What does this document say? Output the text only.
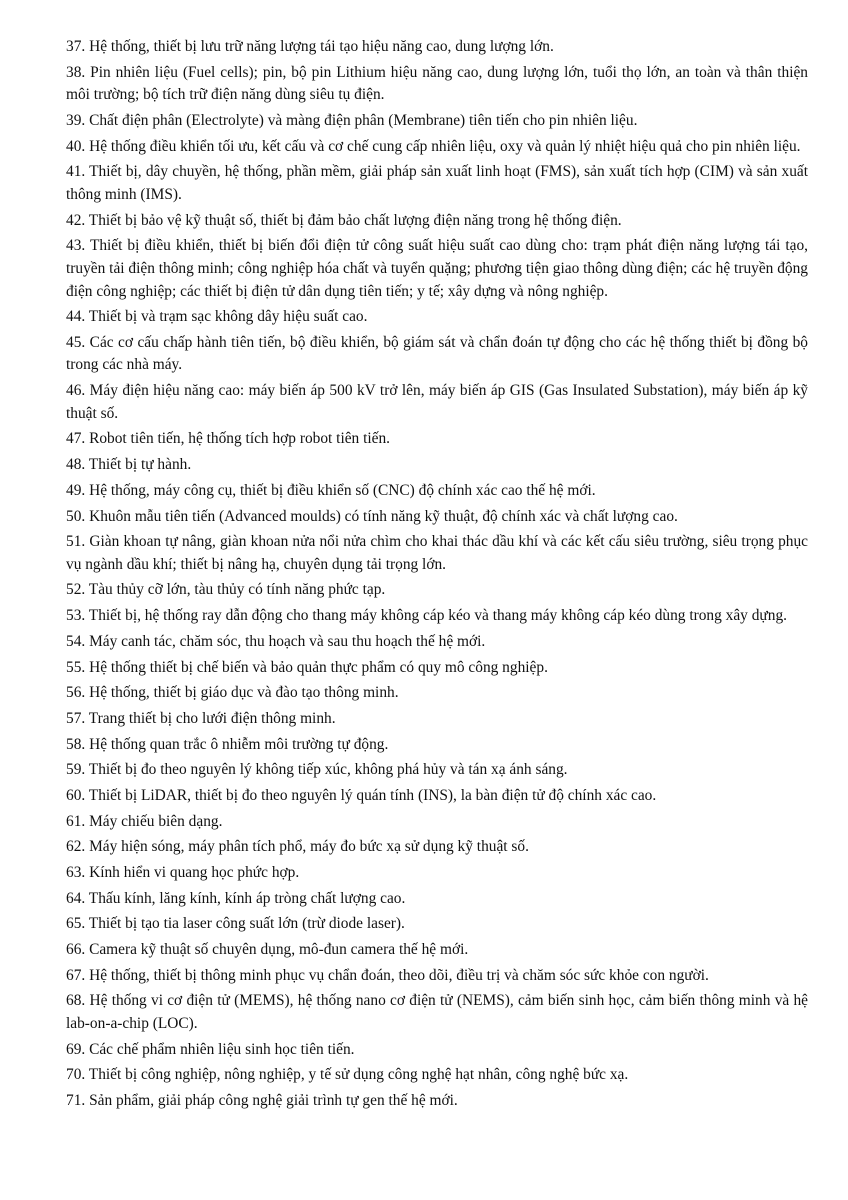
37. Hệ thống, thiết bị lưu trữ năng lượng tái tạo hiệu năng cao, dung lượng lớn.

38. Pin nhiên liệu (Fuel cells); pin, bộ pin Lithium hiệu năng cao, dung lượng lớn, tuổi thọ lớn, an toàn và thân thiện môi trường; bộ tích trữ điện năng dùng siêu tụ điện.

39. Chất điện phân (Electrolyte) và màng điện phân (Membrane) tiên tiến cho pin nhiên liệu.

40. Hệ thống điều khiển tối ưu, kết cấu và cơ chế cung cấp nhiên liệu, oxy và quản lý nhiệt hiệu quả cho pin nhiên liệu.

41. Thiết bị, dây chuyền, hệ thống, phần mềm, giải pháp sản xuất linh hoạt (FMS), sản xuất tích hợp (CIM) và sản xuất thông minh (IMS).

42. Thiết bị bảo vệ kỹ thuật số, thiết bị đảm bảo chất lượng điện năng trong hệ thống điện.

43. Thiết bị điều khiển, thiết bị biến đổi điện tử công suất hiệu suất cao dùng cho: trạm phát điện năng lượng tái tạo, truyền tải điện thông minh; công nghiệp hóa chất và tuyển quặng; phương tiện giao thông dùng điện; các hệ truyền động điện công nghiệp; các thiết bị điện tử dân dụng tiên tiến; y tế; xây dựng và nông nghiệp.

44. Thiết bị và trạm sạc không dây hiệu suất cao.

45. Các cơ cấu chấp hành tiên tiến, bộ điều khiển, bộ giám sát và chẩn đoán tự động cho các hệ thống thiết bị đồng bộ trong các nhà máy.

46. Máy điện hiệu năng cao: máy biến áp 500 kV trở lên, máy biến áp GIS (Gas Insulated Substation), máy biến áp kỹ thuật số.

47. Robot tiên tiến, hệ thống tích hợp robot tiên tiến.

48. Thiết bị tự hành.

49. Hệ thống, máy công cụ, thiết bị điều khiển số (CNC) độ chính xác cao thế hệ mới.

50. Khuôn mẫu tiên tiến (Advanced moulds) có tính năng kỹ thuật, độ chính xác và chất lượng cao.

51. Giàn khoan tự nâng, giàn khoan nửa nổi nửa chìm cho khai thác dầu khí và các kết cấu siêu trường, siêu trọng phục vụ ngành dầu khí; thiết bị nâng hạ, chuyên dụng tải trọng lớn.

52. Tàu thủy cỡ lớn, tàu thủy có tính năng phức tạp.

53. Thiết bị, hệ thống ray dẫn động cho thang máy không cáp kéo và thang máy không cáp kéo dùng trong xây dựng.

54. Máy canh tác, chăm sóc, thu hoạch và sau thu hoạch thế hệ mới.

55. Hệ thống thiết bị chế biến và bảo quản thực phẩm có quy mô công nghiệp.

56. Hệ thống, thiết bị giáo dục và đào tạo thông minh.

57. Trang thiết bị cho lưới điện thông minh.

58. Hệ thống quan trắc ô nhiễm môi trường tự động.

59. Thiết bị đo theo nguyên lý không tiếp xúc, không phá hủy và tán xạ ánh sáng.

60. Thiết bị LiDAR, thiết bị đo theo nguyên lý quán tính (INS), la bàn điện tử độ chính xác cao.

61. Máy chiếu biên dạng.

62. Máy hiện sóng, máy phân tích phổ, máy đo bức xạ sử dụng kỹ thuật số.

63. Kính hiển vi quang học phức hợp.

64. Thấu kính, lăng kính, kính áp tròng chất lượng cao.

65. Thiết bị tạo tia laser công suất lớn (trừ diode laser).

66. Camera kỹ thuật số chuyên dụng, mô-đun camera thế hệ mới.

67. Hệ thống, thiết bị thông minh phục vụ chẩn đoán, theo dõi, điều trị và chăm sóc sức khỏe con người.

68. Hệ thống vi cơ điện tử (MEMS), hệ thống nano cơ điện tử (NEMS), cảm biến sinh học, cảm biến thông minh và hệ lab-on-a-chip (LOC).

69. Các chế phẩm nhiên liệu sinh học tiên tiến.

70. Thiết bị công nghiệp, nông nghiệp, y tế sử dụng công nghệ hạt nhân, công nghệ bức xạ.

71. Sản phẩm, giải pháp công nghệ giải trình tự gen thế hệ mới.
